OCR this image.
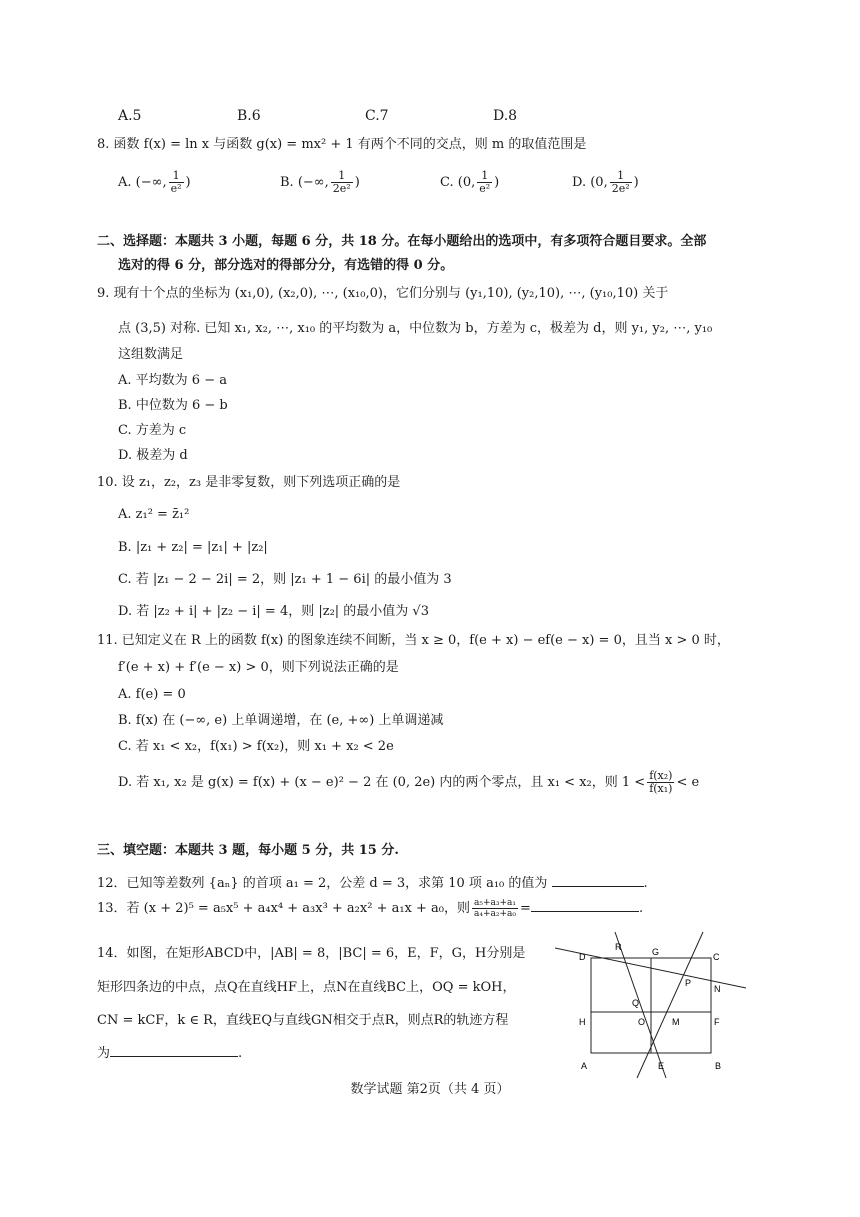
A.5	B.6	C.7	D.8
8. 函数 f(x) = ln x 与函数 g(x) = mx² + 1 有两个不同的交点，则 m 的取值范围是
A. (−∞, $\frac{1}{\text{e²}}$ )	B. (−∞, $\frac{1}{\text{2e²}}$ )	C. (0, $\frac{1}{\text{e²}}$ )	D. (0, $\frac{1}{\text{2e²}}$ )
二、选择题：本题共 3 小题，每题 6 分，共 18 分。在每小题给出的选项中，有多项符合题目要求。全部
选对的得 6 分，部分选对的得部分分，有选错的得 0 分。
9. 现有十个点的坐标为 (x₁,0), (x₂,0), ⋯, (x₁₀,0)，它们分别与 (y₁,10), (y₂,10), ⋯, (y₁₀,10) 关于
点 (3,5) 对称. 已知 x₁, x₂, ⋯, x₁₀ 的平均数为 a，中位数为 b，方差为 c，极差为 d，则 y₁, y₂, ⋯, y₁₀
这组数满足
A. 平均数为 6 − a
B. 中位数为 6 − b
C. 方差为 c
D. 极差为 d
10. 设 z₁，z₂，z₃ 是非零复数，则下列选项正确的是
A. z₁² = z̄₁²
B. |z₁ + z₂| = |z₁| + |z₂|
C. 若 |z₁ − 2 − 2i| = 2，则 |z₁ + 1 − 6i| 的最小值为 3
D. 若 |z₂ + i| + |z₂ − i| = 4，则 |z₂| 的最小值为 √3
11. 已知定义在 R 上的函数 f(x) 的图象连续不间断，当 x ≥ 0，f(e + x) − ef(e − x) = 0，且当 x > 0 时，
f′(e + x) + f′(e − x) > 0，则下列说法正确的是
A. f(e) = 0
B. f(x) 在 (−∞, e) 上单调递增，在 (e, +∞) 上单调递减
C. 若 x₁ < x₂，f(x₁) > f(x₂)，则 x₁ + x₂ < 2e
D. 若 x₁, x₂ 是 g(x) = f(x) + (x − e)² − 2 在 (0, 2e) 内的两个零点，且 x₁ < x₂，则 $1 < \frac{\text{f(x₂)}}{\text{f(x₁)}} < e$
三、填空题：本题共 3 题，每小题 5 分，共 15 分.
12．已知等差数列 {aₙ} 的首项 a₁ = 2，公差 d = 3，求第 10 项 a₁₀ 的值为	.
13．若 (x + 2)⁵ = a₅x⁵ + a₄x⁴ + a₃x³ + a₂x² + a₁x + a₀，则 $\frac{\text{a₅+a₃+a₁}}{\text{a₄+a₂+a₀}}$ =	.
14．如图，在矩形ABCD中，|AB| = 8，|BC| = 6，E，F，G，H分别是
矩形四条边的中点，点Q在直线HF上，点N在直线BC上，OQ = kOH，
CN = kCF，k ∈ R，直线EQ与直线GN相交于点R，则点R的轨迹方程
为	.
D
R	G	C
P
N
Q
H	O	M	F
A	E	B
数学试题 第2页（共 4 页）
